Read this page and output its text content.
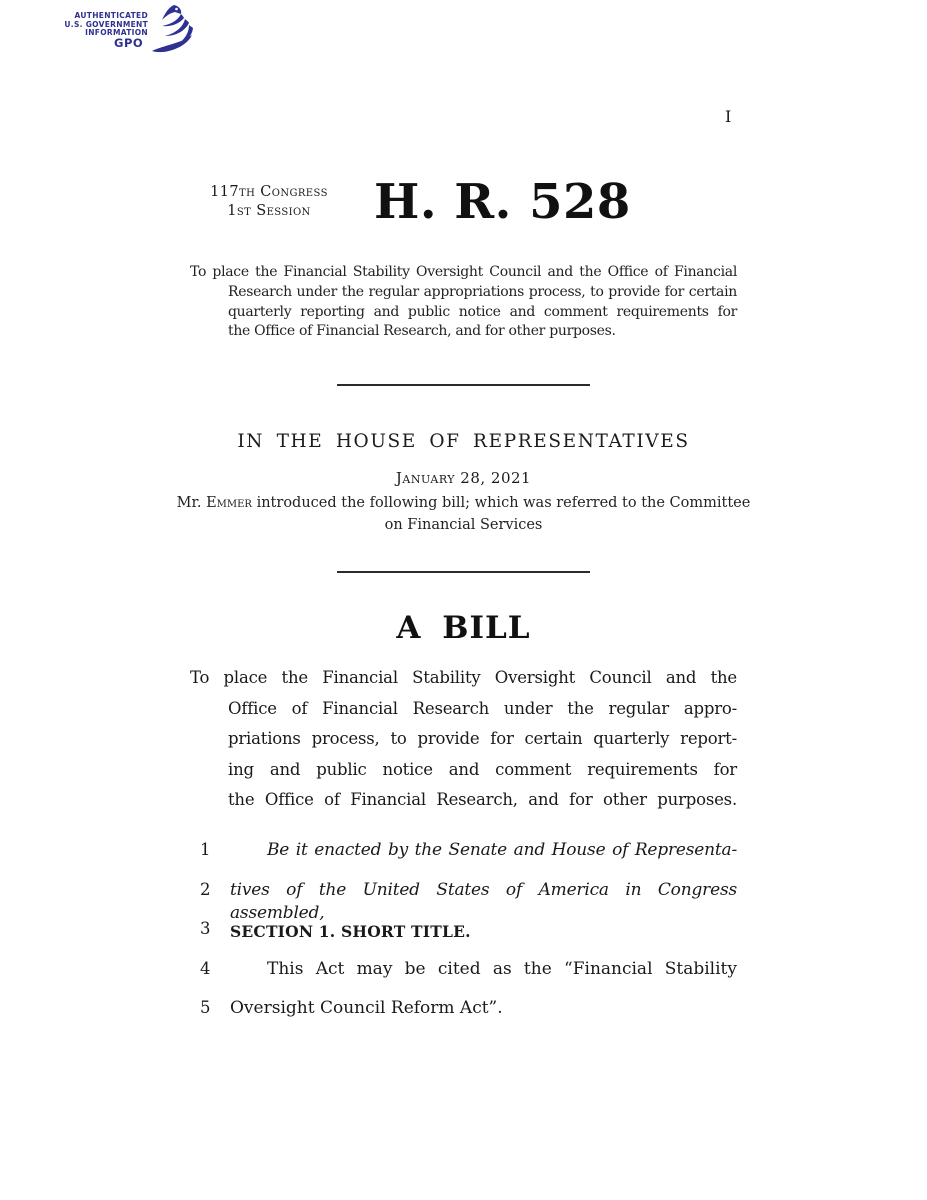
AUTHENTICATED
U.S. GOVERNMENT
INFORMATION
GPO
I
117th Congress
1st Session	H. R. 528
To place the Financial Stability Oversight Council and the Office of Financial
Research under the regular appropriations process, to provide for certain
quarterly reporting and public notice and comment requirements for
the Office of Financial Research, and for other purposes.
IN THE HOUSE OF REPRESENTATIVES
January 28, 2021
Mr. Emmer introduced the following bill; which was referred to the Committee
on Financial Services
A BILL
To place the Financial Stability Oversight Council and the
Office of Financial Research under the regular appro-
priations process, to provide for certain quarterly report-
ing and public notice and comment requirements for
the Office of Financial Research, and for other purposes.
1	Be it enacted by the Senate and House of Representa-
2 tives of the United States of America in Congress assembled,
3 SECTION 1. SHORT TITLE.
4	This Act may be cited as the “Financial Stability
5 Oversight Council Reform Act”.
